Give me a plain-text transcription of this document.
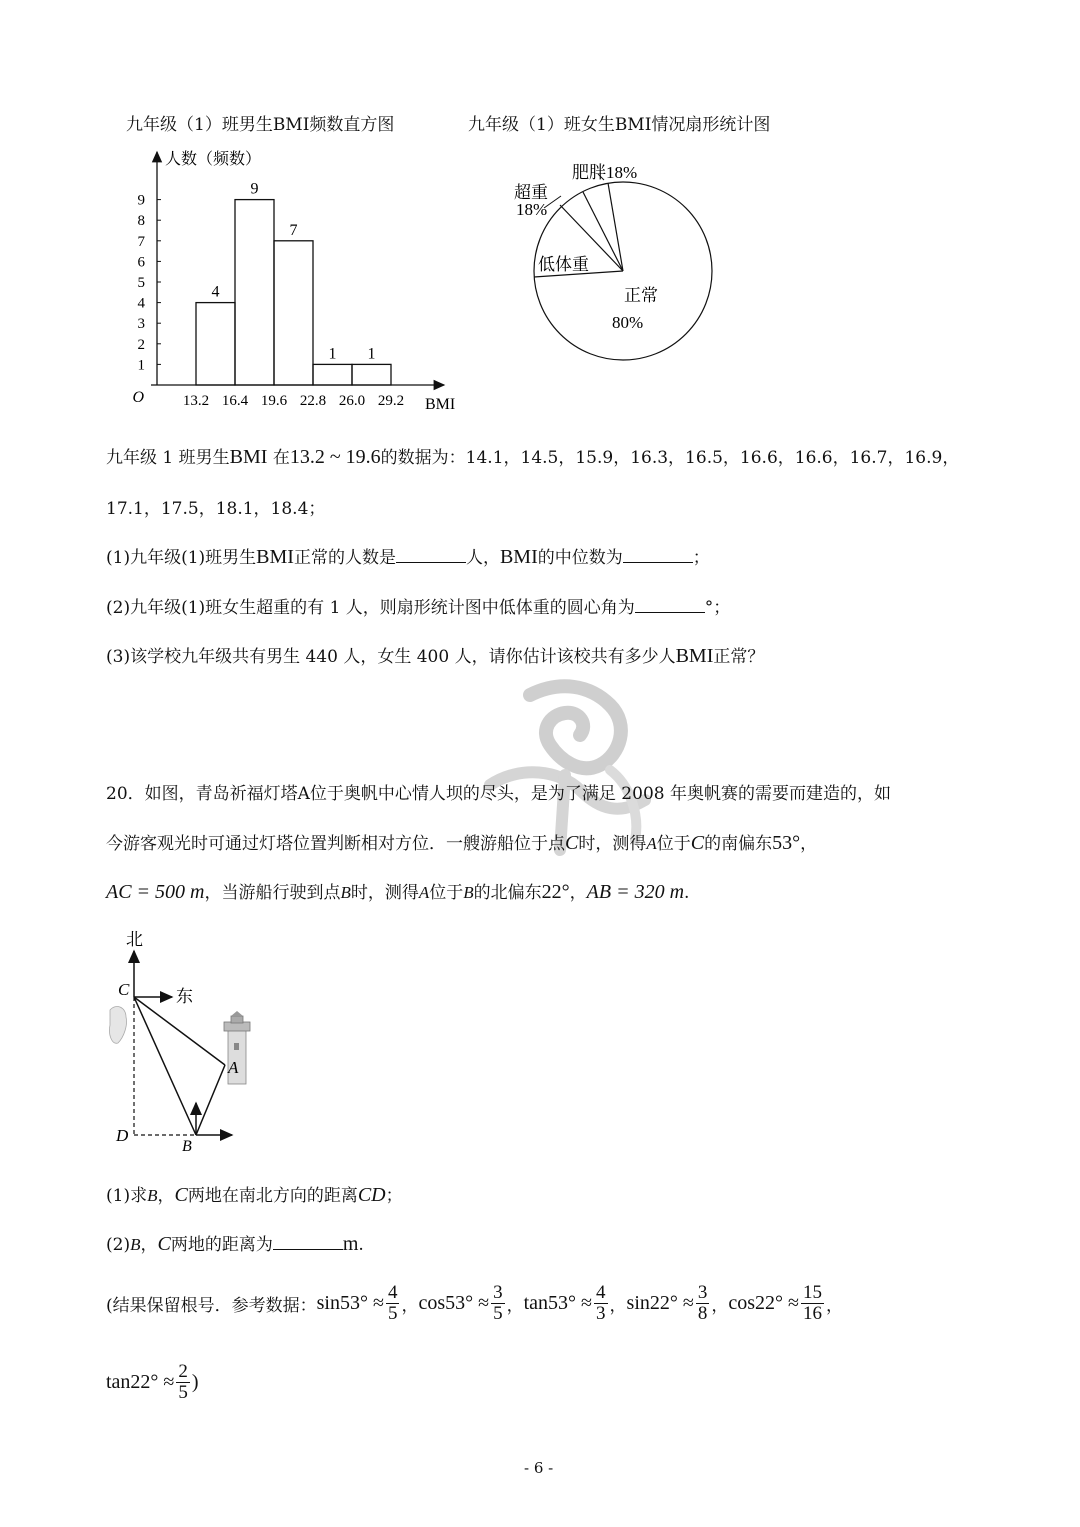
九年级（1）班男生BMI频数直方图	九年级（1）班女生BMI情况扇形统计图
1
2
3
4
5
6
7
8
9
人数（频数）
O
4
9
7
1 1
13.2 16.4 19.6 22.8 26.0 29.2 BMI
肥胖18%
超重
18%
低体重
正常
80%
九年级 1 班男生BMI 在13.2 ~ 19.6的数据为：14.1，14.5，15.9，16.3，16.5，16.6，16.6，16.7，16.9，
17.1，17.5，18.1，18.4；
(1)九年级(1)班男生BMI正常的人数是	人，BMI的中位数为	；
(2)九年级(1)班女生超重的有 1 人，则扇形统计图中低体重的圆心角为	°；
(3)该学校九年级共有男生 440 人，女生 400 人，请你估计该校共有多少人BMI正常？
20．如图，青岛祈福灯塔A位于奥帆中心情人坝的尽头，是为了满足 2008 年奥帆赛的需要而建造的，如
今游客观光时可通过灯塔位置判断相对方位．一艘游船位于点C时，测得A位于C的南偏东53°，
AC = 500 m，当游船行驶到点B时，测得A位于B的北偏东22°，AB = 320 m.
北
东
C
A
B
D
(1)求B，C两地在南北方向的距离CD；
(2)B，C两地的距离为	m.
(结果保留根号．参考数据： $\sin 53^\circ \approx \frac{4}{5}$ ， $\cos 53^\circ \approx \frac{3}{5}$ ， $\tan 53^\circ \approx \frac{4}{3}$ ， $\sin 22^\circ \approx \frac{3}{8}$ ， $\cos 22^\circ \approx \frac{15}{16}$ ，
$\tan 22^\circ \approx \frac{2}{5}$ )
- 6 -
